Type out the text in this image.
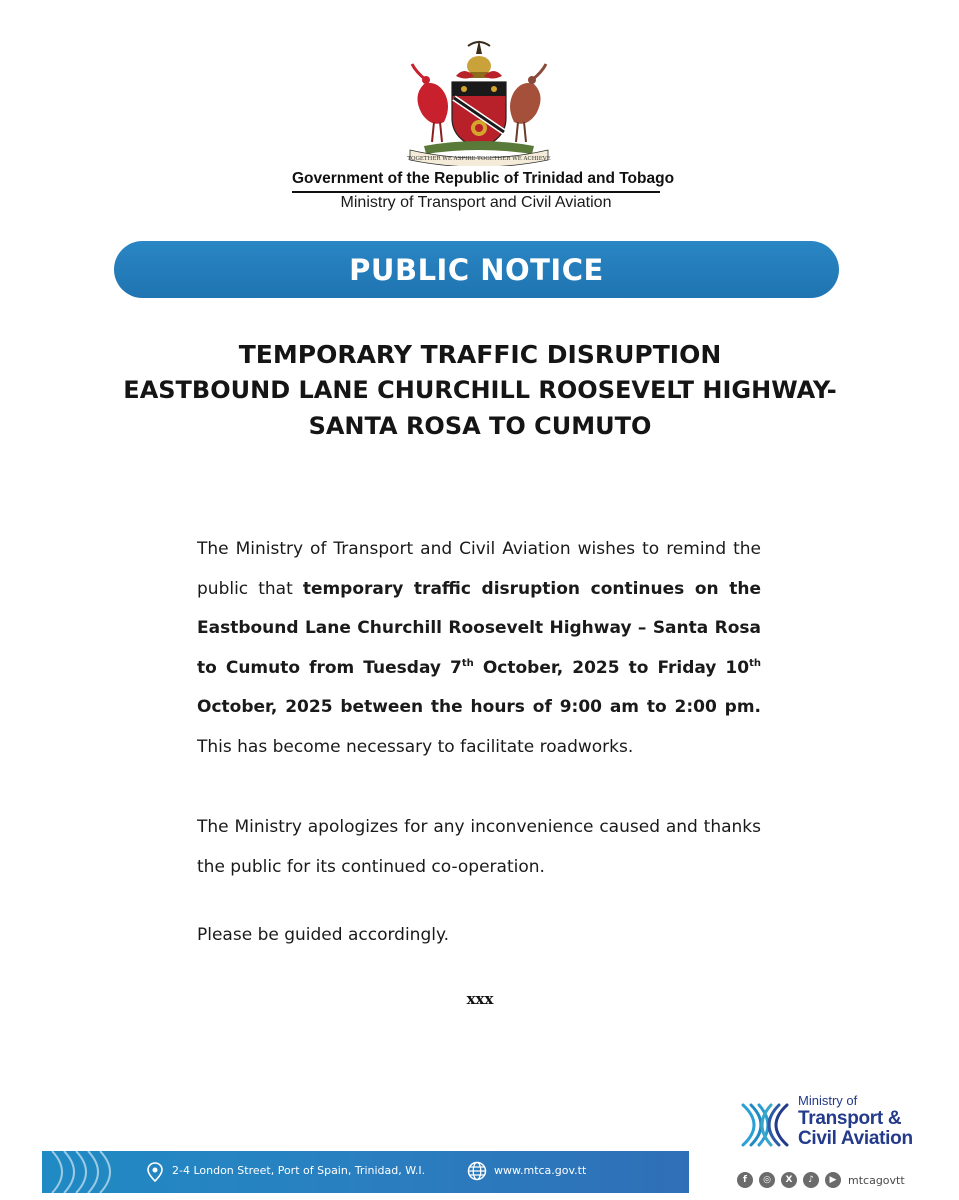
TOGETHER WE ASPIRE TOGETHER WE ACHIEVE
Government of the Republic of Trinidad and Tobago
Ministry of Transport and Civil Aviation
PUBLIC NOTICE
TEMPORARY TRAFFIC DISRUPTION
EASTBOUND LANE CHURCHILL ROOSEVELT HIGHWAY-
SANTA ROSA TO CUMUTO
The Ministry of Transport and Civil Aviation wishes to remind the public that temporary traffic disruption continues on the Eastbound Lane Churchill Roosevelt Highway – Santa Rosa to Cumuto from Tuesday 7th October, 2025 to Friday 10th October, 2025 between the hours of 9:00 am to 2:00 pm.  This has become necessary to facilitate roadworks.
The Ministry apologizes for any inconvenience caused and thanks the public for its continued co-operation.
Please be guided accordingly.
xxx
2-4 London Street, Port of Spain, Trinidad, W.I.	www.mtca.gov.tt
Ministry of
Transport &
Civil Aviation
f	◎	X	♪	▶	mtcagovtt
